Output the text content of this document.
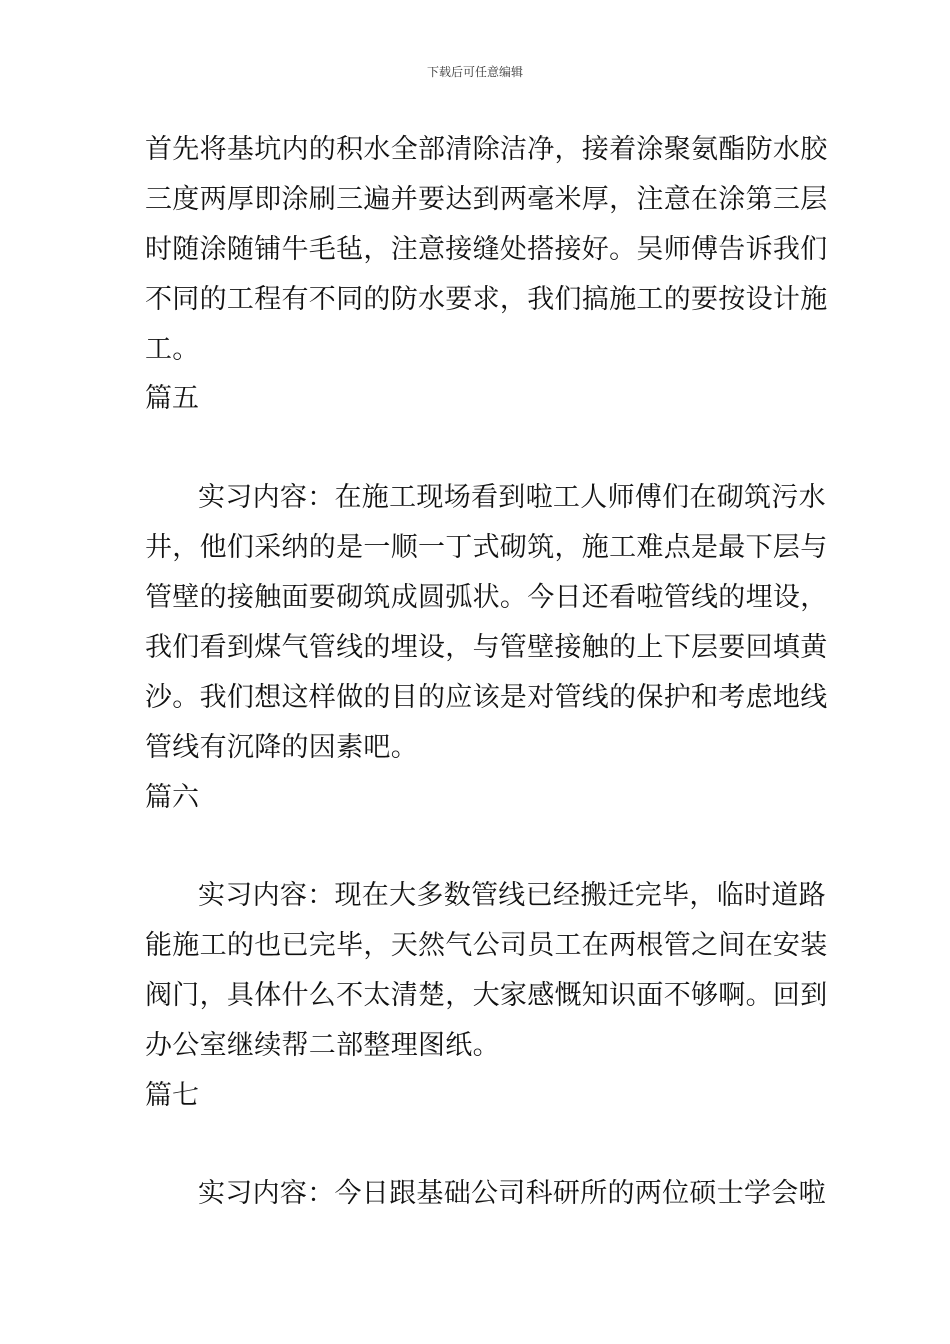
下载后可任意编辑
首先将基坑内的积水全部清除洁净，接着涂聚氨酯防水胶
三度两厚即涂刷三遍并要达到两毫米厚，注意在涂第三层
时随涂随铺牛毛毡，注意接缝处搭接好。吴师傅告诉我们
不同的工程有不同的防水要求，我们搞施工的要按设计施
工。
篇五
实习内容：在施工现场看到啦工人师傅们在砌筑污水
井，他们采纳的是一顺一丁式砌筑，施工难点是最下层与
管壁的接触面要砌筑成圆弧状。今日还看啦管线的埋设，
我们看到煤气管线的埋设，与管壁接触的上下层要回填黄
沙。我们想这样做的目的应该是对管线的保护和考虑地线
管线有沉降的因素吧。
篇六
实习内容：现在大多数管线已经搬迁完毕，临时道路
能施工的也已完毕，天然气公司员工在两根管之间在安装
阀门，具体什么不太清楚，大家感慨知识面不够啊。回到
办公室继续帮二部整理图纸。
篇七
实习内容：今日跟基础公司科研所的两位硕士学会啦
